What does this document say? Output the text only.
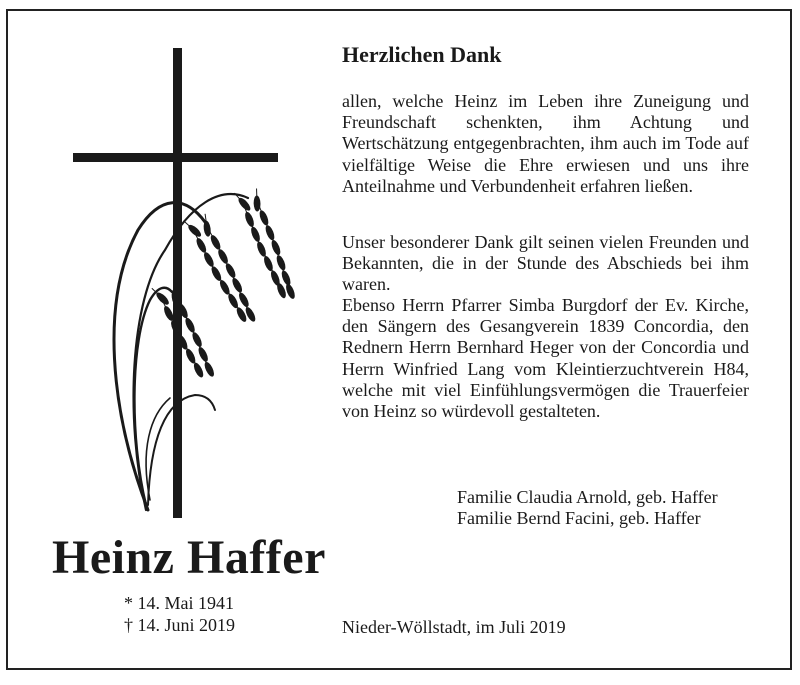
Herzlichen Dank

allen, welche Heinz im Leben ihre Zuneigung und Freundschaft schenkten, ihm Achtung und Wertschätzung entgegenbrachten, ihm auch im Tode auf vielfältige Weise die Ehre erwiesen und uns ihre Anteilnahme und Verbundenheit erfahren ließen.

Unser besonderer Dank gilt seinen vielen Freunden und Bekannten, die in der Stunde des Abschieds bei ihm waren.

Ebenso Herrn Pfarrer Simba Burgdorf der Ev. Kirche, den Sängern des Gesangverein 1839 Concordia, den Rednern Herrn Bernhard Heger von der Concordia und Herrn Winfried Lang vom Kleintierzuchtverein H84, welche mit viel Einfühlungsvermögen die Trauerfeier von Heinz so würdevoll gestalteten.

Familie Claudia Arnold, geb. Haffer
Familie Bernd Facini, geb. Haffer
Heinz Haffer
* 14. Mai 1941
† 14. Juni 2019	Nieder-Wöllstadt, im Juli 2019
